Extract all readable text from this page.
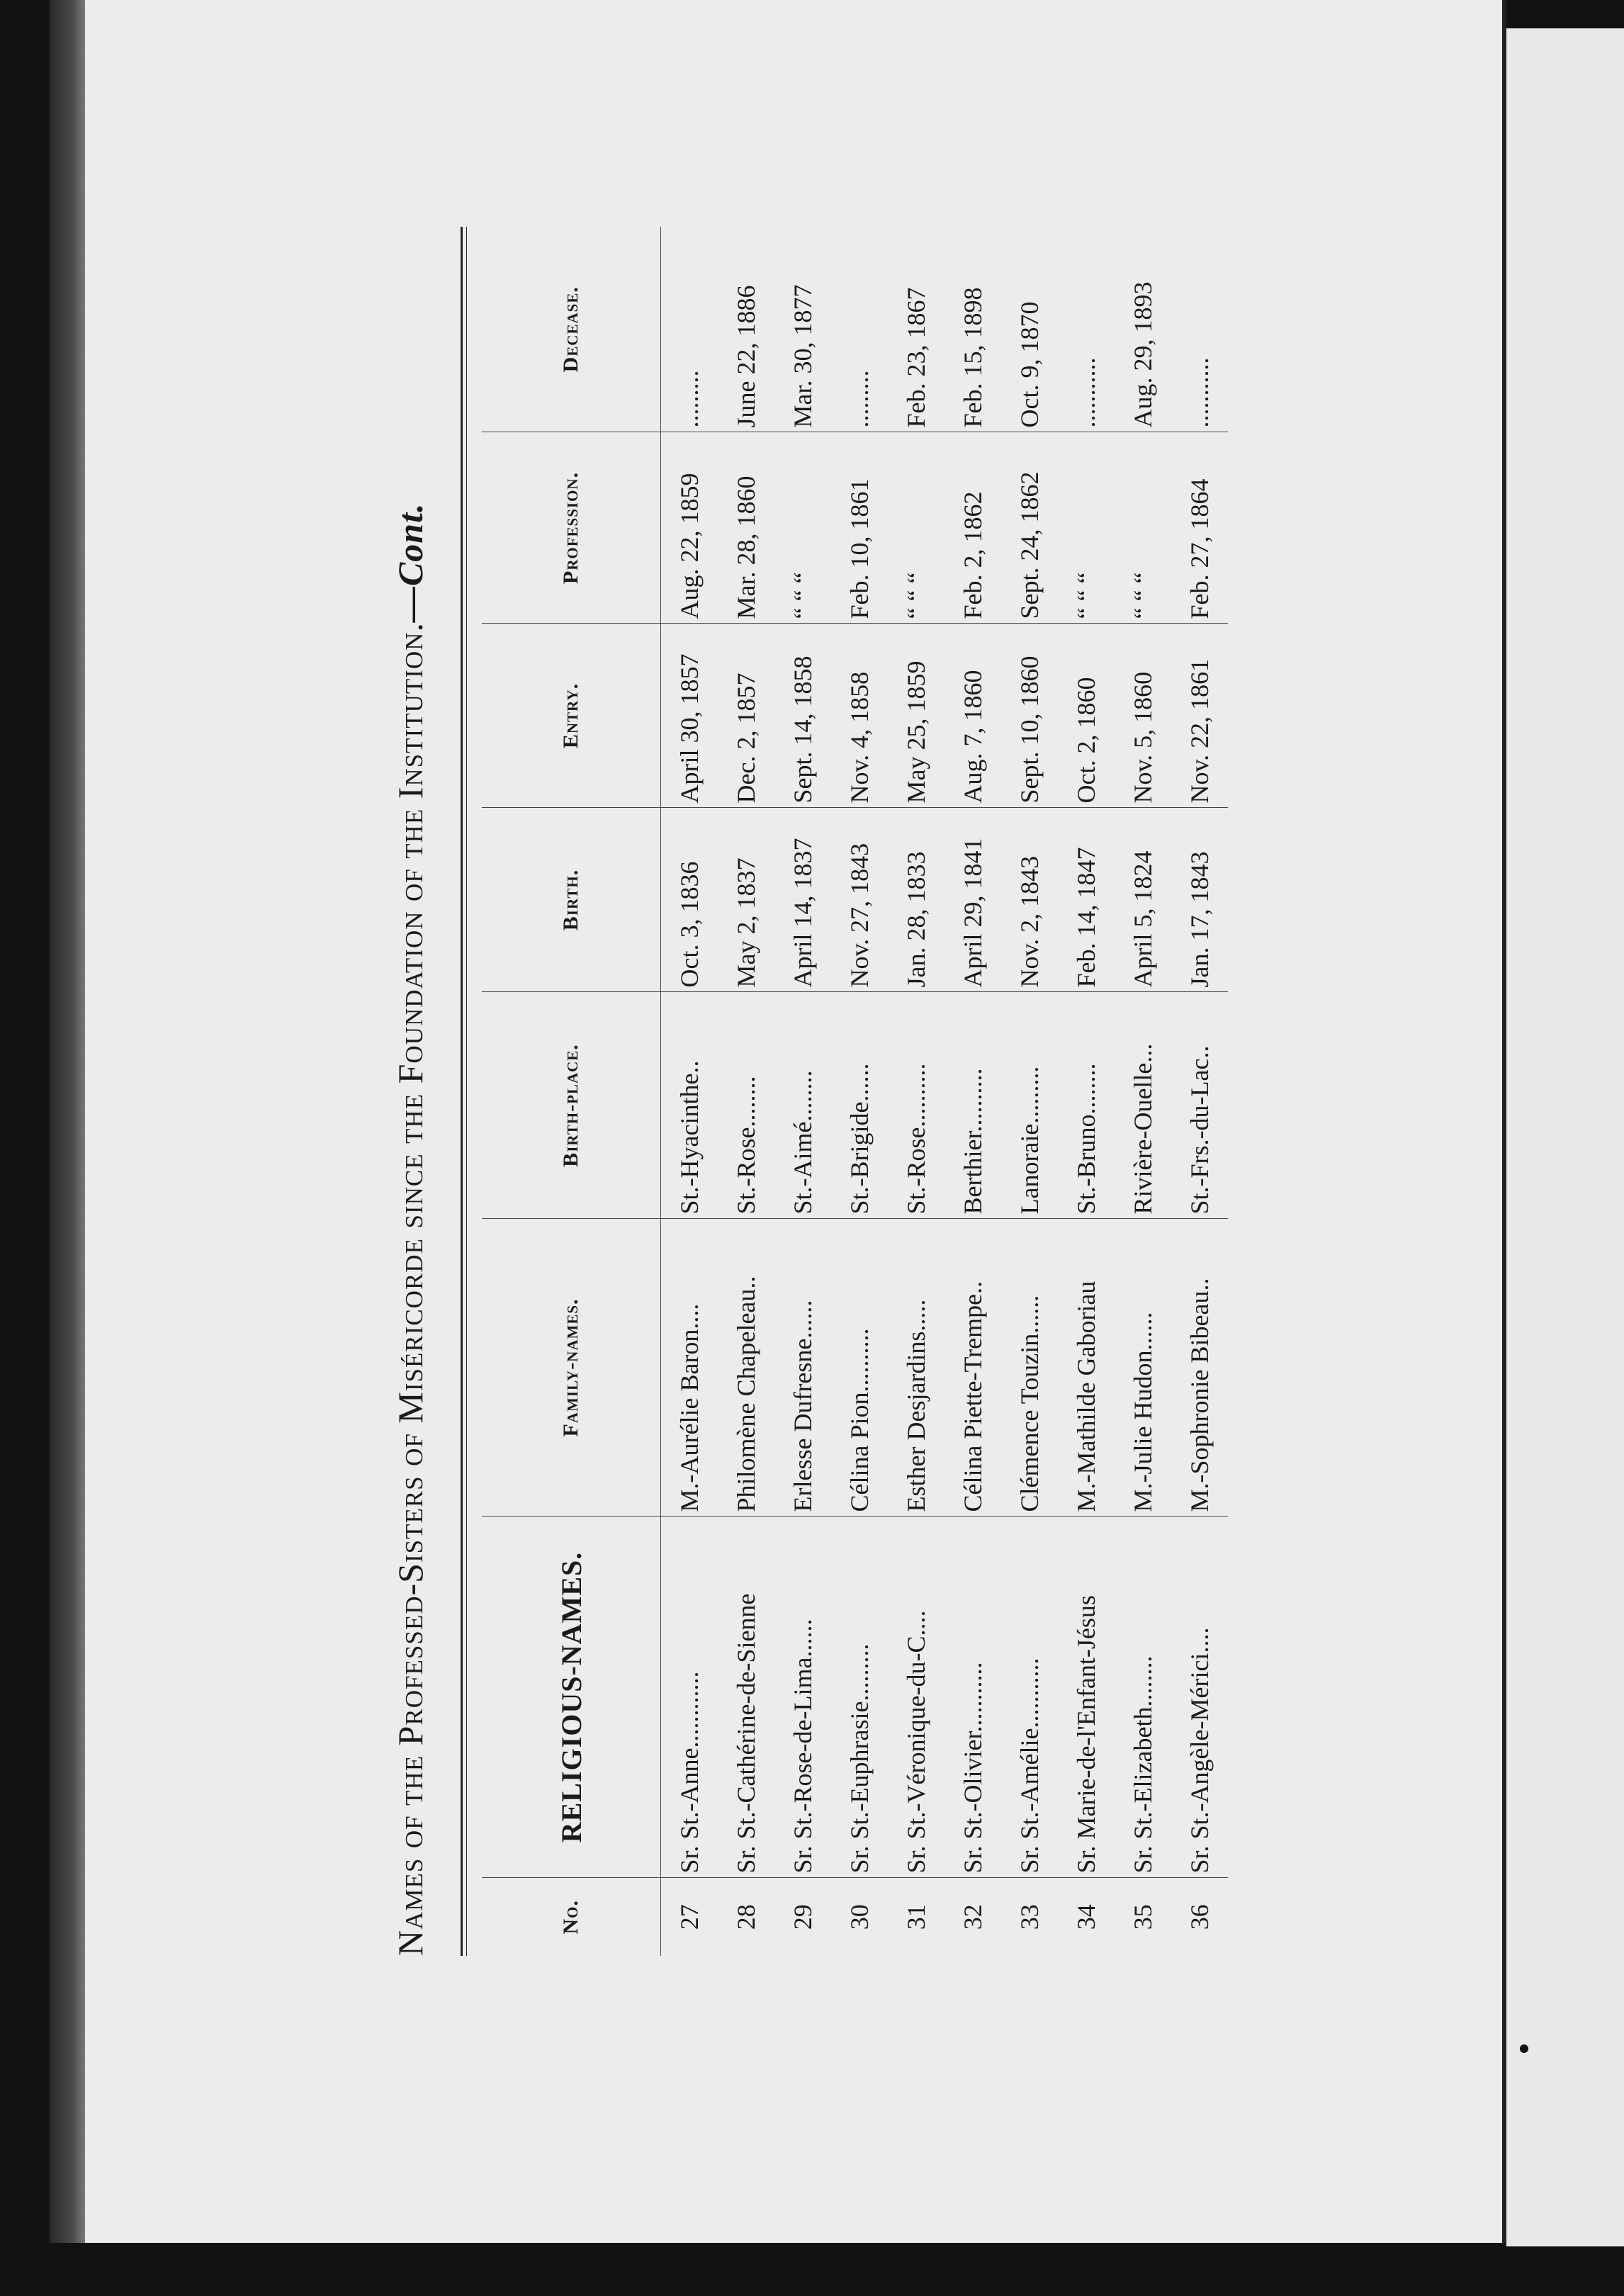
Names of the Professed-Sisters of Miséricorde since the Foundation of the Institution.—Cont.
No.	RELIGIOUS-NAMES.	Family-names.	Birth-place.	Birth.	Entry.	Profession.	Decease.
27	Sr. St.-Anne............	M.-Aurélie Baron....	St.-Hyacinthe..	Oct. 3, 1836	April 30, 1857	Aug. 22, 1859	.........
28	Sr. St.-Cathérine-de-Sienne	Philomène Chapeleau..	St.-Rose........	May 2, 1837	Dec. 2, 1857	Mar. 28, 1860	June 22, 1886
29	Sr. St.-Rose-de-Lima......	Erlesse Dufresne......	St.-Aimé........	April 14, 1837	Sept. 14, 1858	“ “ “	Mar. 30, 1877
30	Sr. St.-Euphrasie.........	Célina Pion..........	St.-Brigide......	Nov. 27, 1843	Nov. 4, 1858	Feb. 10, 1861	.........
31	Sr. St.-Véronique-du-C....	Esther Desjardins.....	St.-Rose..........	Jan. 28, 1833	May 25, 1859	“ “ “	Feb. 23, 1867
32	Sr. St.-Olivier...........	Célina Piette-Trempe..	Berthier..........	April 29, 1841	Aug. 7, 1860	Feb. 2, 1862	Feb. 15, 1898
33	Sr. St.-Amélie...........	Clémence Touzin......	Lanoraie.........	Nov. 2, 1843	Sept. 10, 1860	Sept. 24, 1862	Oct. 9, 1870
34	Sr. Marie-de-l'Enfant-Jésus	M.-Mathilde Gaboriau	St.-Bruno........	Feb. 14, 1847	Oct. 2, 1860	“ “ “	...........
35	Sr. St.-Elizabeth........	M.-Julie Hudon......	Rivière-Ouelle...	April 5, 1824	Nov. 5, 1860	“ “ “	Aug. 29, 1893
36	Sr. St.-Angèle-Mérici....	M.-Sophronie Bibeau..	St.-Frs.-du-Lac..	Jan. 17, 1843	Nov. 22, 1861	Feb. 27, 1864	...........
